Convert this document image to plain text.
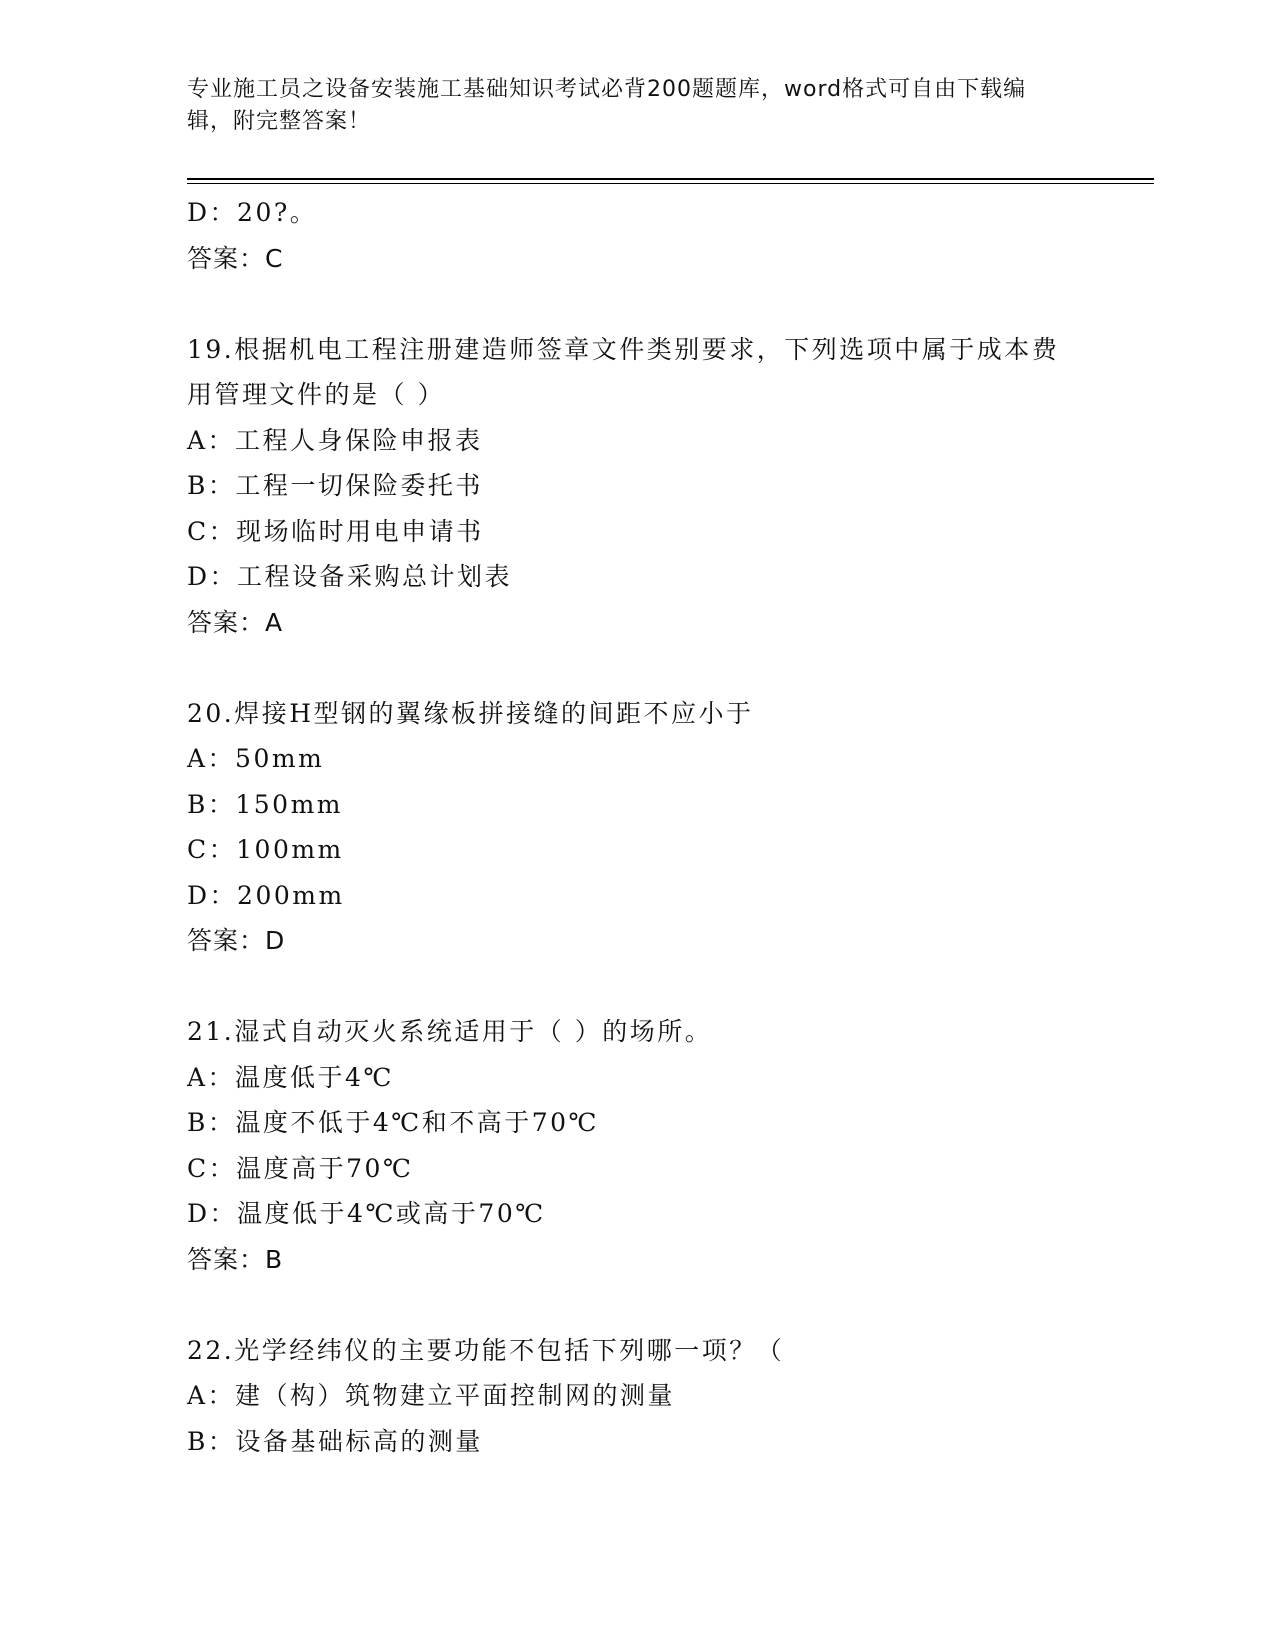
专业施工员之设备安装施工基础知识考试必背200题题库，word格式可自由下载编辑，附完整答案！
D：20?。
答案：C
19.根据机电工程注册建造师签章文件类别要求，下列选项中属于成本费用管理文件的是（ ）
A：工程人身保险申报表
B：工程一切保险委托书
C：现场临时用电申请书
D：工程设备采购总计划表
答案：A
20.焊接H型钢的翼缘板拼接缝的间距不应小于
A：50mm
B：150mm
C：100mm
D：200mm
答案：D
21.湿式自动灭火系统适用于（ ）的场所。
A：温度低于4℃
B：温度不低于4℃和不高于70℃
C：温度高于70℃
D：温度低于4℃或高于70℃
答案：B
22.光学经纬仪的主要功能不包括下列哪一项？（
A：建（构）筑物建立平面控制网的测量
B：设备基础标高的测量
